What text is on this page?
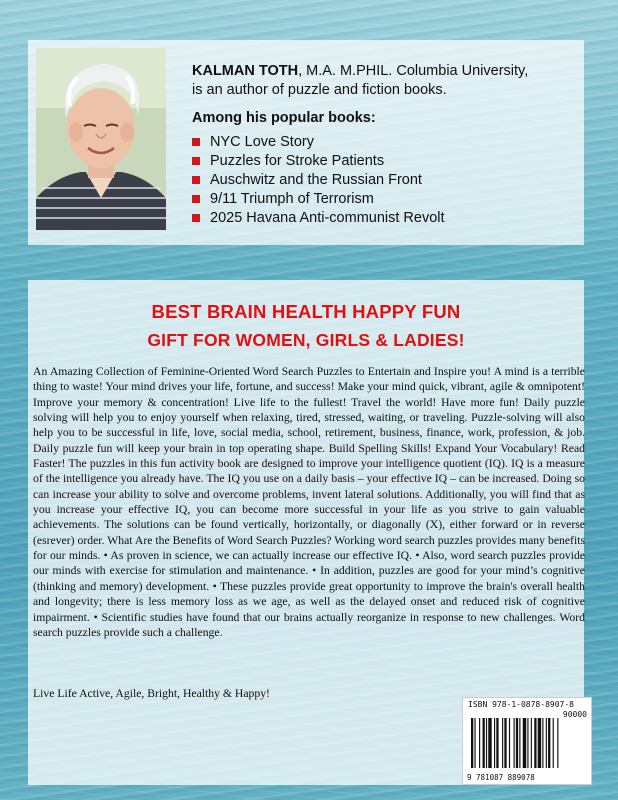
KALMAN TOTH, M.A. M.PHIL. Columbia University,
is an author of puzzle and fiction books.
Among his popular books:
NYC Love Story
Puzzles for Stroke Patients
Auschwitz and the Russian Front
9/11 Triumph of Terrorism
2025 Havana Anti-communist Revolt
BEST BRAIN HEALTH HAPPY FUN
GIFT FOR WOMEN, GIRLS & LADIES!

An Amazing Collection of Feminine-Oriented Word Search Puzzles to Entertain and Inspire you! A mind is a terrible thing to waste! Your mind drives your life, fortune, and success! Make your mind quick, vibrant, agile & omnipotent! Improve your memory & concentration! Live life to the fullest! Travel the world! Have more fun! Daily puzzle solving will help you to enjoy yourself when relaxing, tired, stressed, waiting, or traveling. Puzzle-solving will also help you to be successful in life, love, social media, school, retirement, business, finance, work, profession, & job. Daily puzzle fun will keep your brain in top operating shape. Build Spelling Skills! Expand Your Vocabulary! Read Faster! The puzzles in this fun activity book are designed to improve your intelligence quotient (IQ). IQ is a measure of the intelligence you already have. The IQ you use on a daily basis – your effective IQ – can be increased. Doing so can increase your ability to solve and overcome problems, invent lateral solutions. Additionally, you will find that as you increase your effective IQ, you can become more successful in your life as you strive to gain valuable achievements. The solutions can be found vertically, horizontally, or diagonally (X), either forward or in reverse (esrever) order. What Are the Benefits of Word Search Puzzles? Working word search puzzles provides many benefits for our minds. • As proven in science, we can actually increase our effective IQ. • Also, word search puzzles provide our minds with exercise for stimulation and maintenance. • In addition, puzzles are good for your mind’s cognitive (thinking and memory) development. • These puzzles provide great opportunity to improve the brain's overall health and longevity; there is less memory loss as we age, as well as the delayed onset and reduced risk of cognitive impairment. • Scientific studies have found that our brains actually reorganize in response to new challenges. Word search puzzles provide such a challenge.

Live Life Active, Agile, Bright, Healthy & Happy!
ISBN 978-1-0878-8907-8
90000
9 781087 889078
